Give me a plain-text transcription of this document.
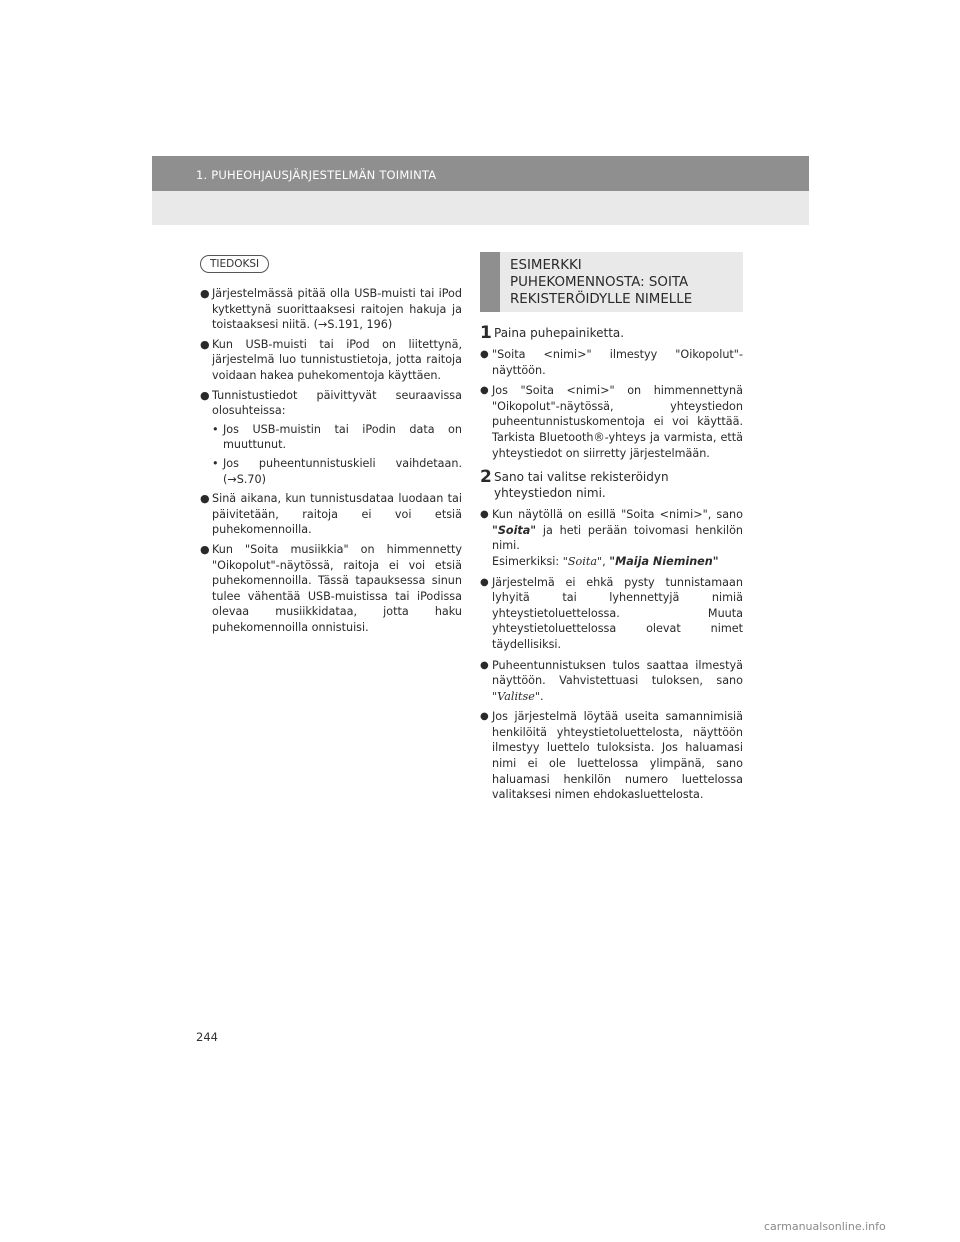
1. PUHEOHJAUSJÄRJESTELMÄN TOIMINTA
TIEDOKSI
● Järjestelmässä pitää olla USB-muisti tai iPod kytkettynä suorittaaksesi raitojen hakuja ja toistaaksesi niitä. (→S.191, 196)
● Kun USB-muisti tai iPod on liitettynä, järjestelmä luo tunnistustietoja, jotta raitoja voidaan hakea puhekomentoja käyttäen.
● Tunnistustiedot päivittyvät seuraavissa olosuhteissa:
• Jos USB-muistin tai iPodin data on muuttunut.
• Jos puheentunnistuskieli vaihdetaan. (→S.70)
● Sinä aikana, kun tunnistusdataa luodaan tai päivitetään, raitoja ei voi etsiä puhekomennoilla.
● Kun "Soita musiikkia" on himmennetty "Oikopolut"-näytössä, raitoja ei voi etsiä puhekomennoilla. Tässä tapauksessa sinun tulee vähentää USB-muistissa tai iPodissa olevaa musiikkidataa, jotta haku puhekomennoilla onnistuisi.
ESIMERKKI
PUHEKOMENNOSTA: SOITA
REKISTERÖIDYLLE NIMELLE
1 Paina puhepainiketta.
● "Soita <nimi>" ilmestyy "Oikopolut"-näyttöön.
● Jos "Soita <nimi>" on himmennettynä "Oikopolut"-näytössä, yhteystiedon puheentunnistuskomentoja ei voi käyttää. Tarkista Bluetooth®-yhteys ja varmista, että yhteystiedot on siirretty järjestelmään.
2 Sano tai valitse rekisteröidyn yhteystiedon nimi.
● Kun näytöllä on esillä "Soita <nimi>", sano "Soita" ja heti perään toivomasi henkilön nimi.
Esimerkiksi: "Soita", "Maija Nieminen"
● Järjestelmä ei ehkä pysty tunnistamaan lyhyitä tai lyhennettyjä nimiä yhteystietoluettelossa. Muuta yhteystietoluettelossa olevat nimet täydellisiksi.
● Puheentunnistuksen tulos saattaa ilmestyä näyttöön. Vahvistettuasi tuloksen, sano "Valitse".
● Jos järjestelmä löytää useita samannimisiä henkilöitä yhteystietoluettelosta, näyttöön ilmestyy luettelo tuloksista. Jos haluamasi nimi ei ole luettelossa ylimpänä, sano haluamasi henkilön numero luettelossa valitaksesi nimen ehdokasluettelosta.
244
carmanualsonline.info
